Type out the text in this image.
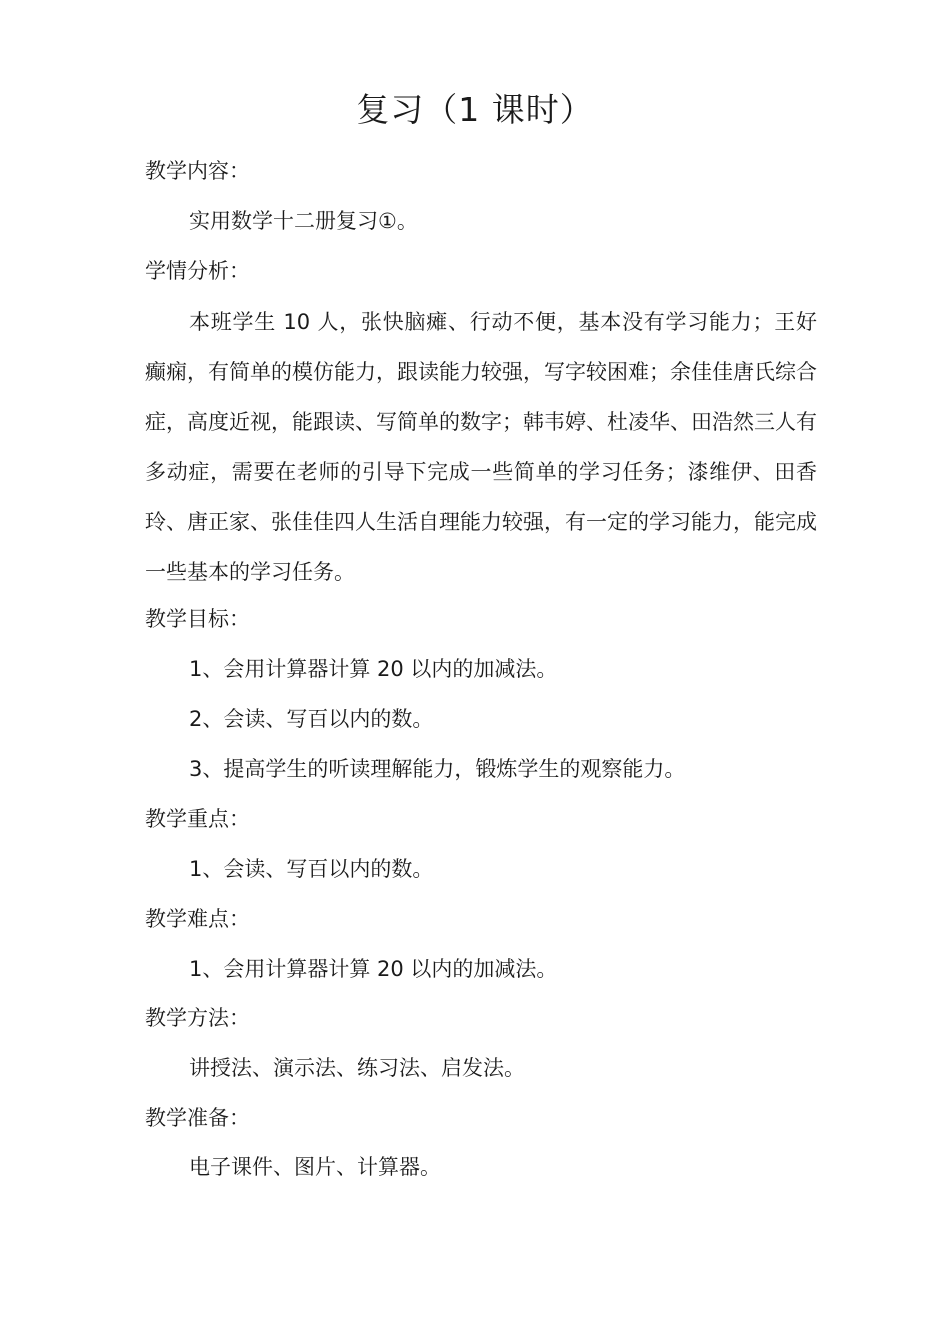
复习（1 课时）
教学内容：
实用数学十二册复习①。
学情分析：
本班学生 10 人，张快脑瘫、行动不便，基本没有学习能力；王好癫痫，有简单的模仿能力，跟读能力较强，写字较困难；余佳佳唐氏综合症，高度近视，能跟读、写简单的数字；韩韦婷、杜凌华、田浩然三人有多动症，需要在老师的引导下完成一些简单的学习任务；漆维伊、田香玲、唐正家、张佳佳四人生活自理能力较强，有一定的学习能力，能完成一些基本的学习任务。
教学目标：
1、会用计算器计算 20 以内的加减法。
2、会读、写百以内的数。
3、提高学生的听读理解能力，锻炼学生的观察能力。
教学重点：
1、会读、写百以内的数。
教学难点：
1、会用计算器计算 20 以内的加减法。
教学方法：
讲授法、演示法、练习法、启发法。
教学准备：
电子课件、图片、计算器。
